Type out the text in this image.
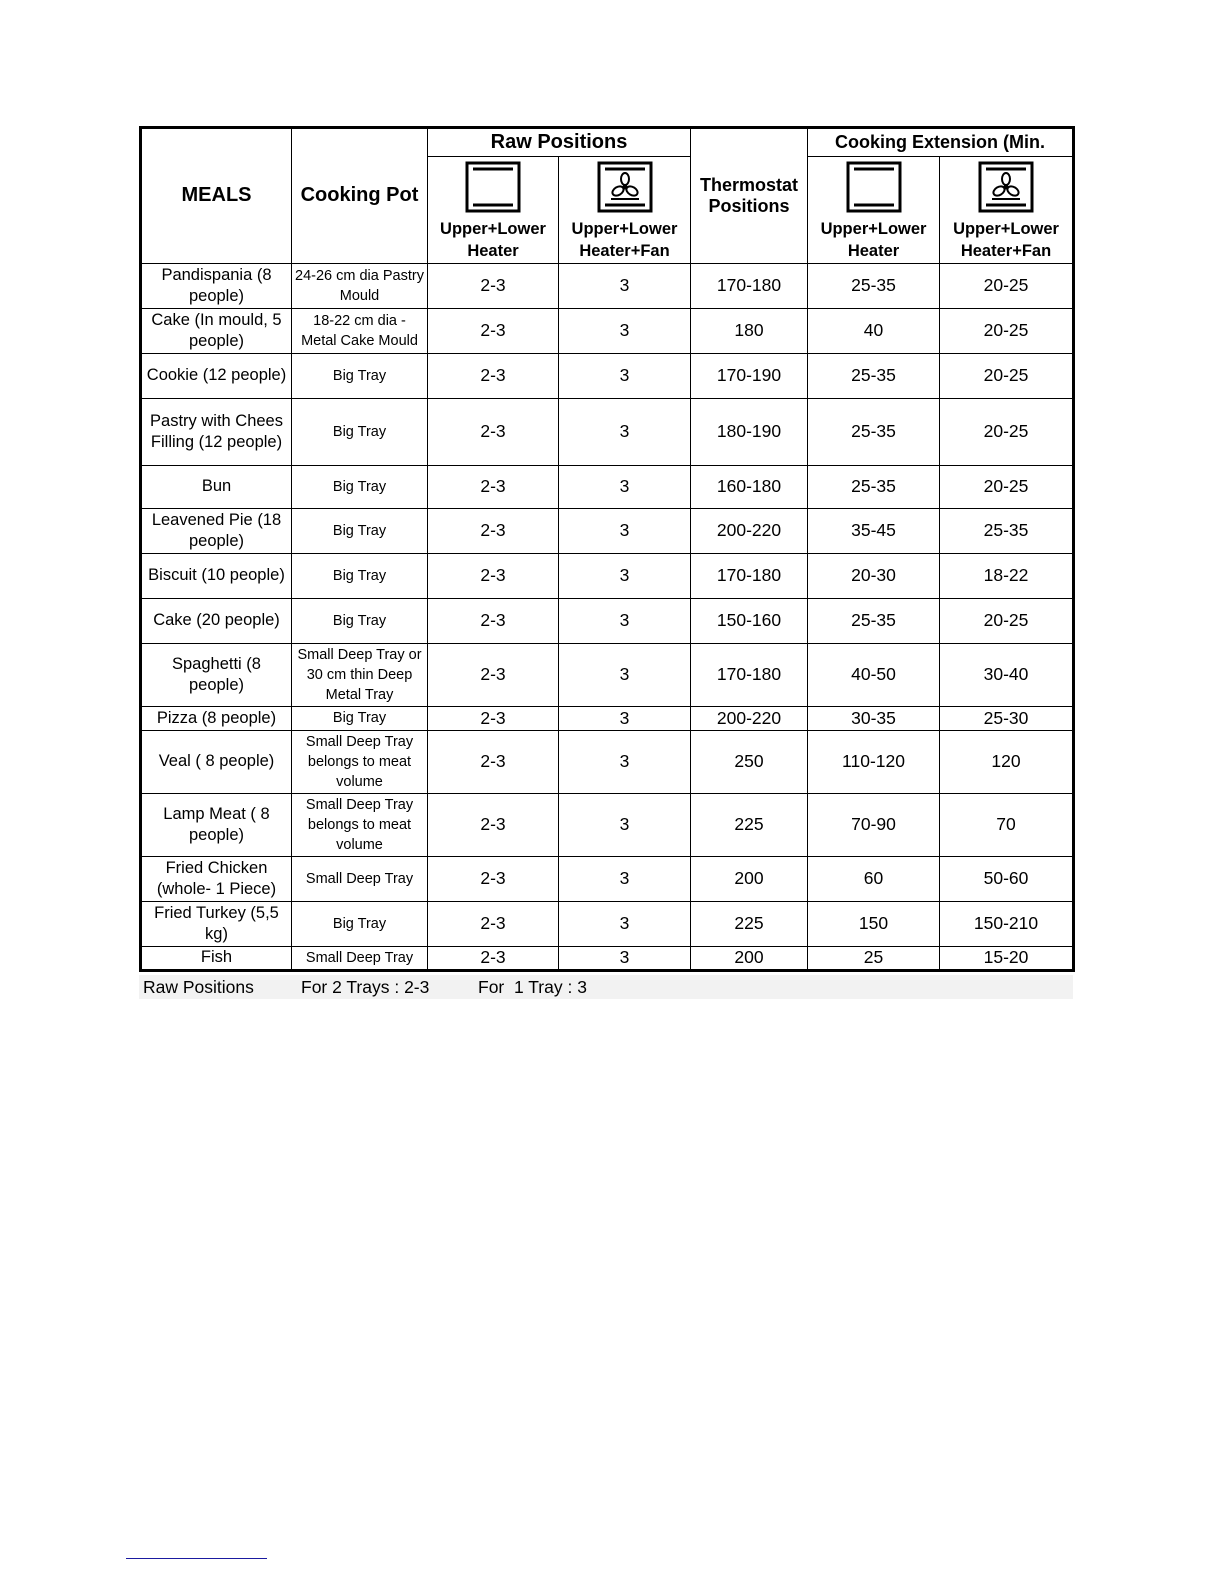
MEALS	Cooking Pot	Raw Positions		Thermostat Positions	Cooking Extension (Min.	

		Upper+Lower Heater	Upper+Lower Heater+Fan		Upper+Lower Heater	Upper+Lower Heater+Fan
Pandispania (8 people)	24-26 cm dia Pastry Mould	2-3	3	170-180	25-35	20-25
Cake (In mould, 5 people)	18-22 cm dia - Metal Cake Mould	2-3	3	180	40	20-25
Cookie (12 people)	Big Tray	2-3	3	170-190	25-35	20-25
Pastry with Chees Filling (12 people)	Big Tray	2-3	3	180-190	25-35	20-25
Bun	Big Tray	2-3	3	160-180	25-35	20-25
Leavened Pie (18 people)	Big Tray	2-3	3	200-220	35-45	25-35
Biscuit (10 people)	Big Tray	2-3	3	170-180	20-30	18-22
Cake (20 people)	Big Tray	2-3	3	150-160	25-35	20-25
Spaghetti (8 people)	Small Deep Tray or 30 cm thin Deep Metal Tray	2-3	3	170-180	40-50	30-40
Pizza (8 people)	Big Tray	2-3	3	200-220	30-35	25-30
Veal ( 8 people)	Small Deep Tray belongs to meat volume	2-3	3	250	110-120	120
Lamp Meat ( 8 people)	Small Deep Tray belongs to meat volume	2-3	3	225	70-90	70
Fried Chicken (whole- 1 Piece)	Small Deep Tray	2-3	3	200	60	50-60
Fried Turkey (5,5 kg)	Big Tray	2-3	3	225	150	150-210
Fish	Small Deep Tray	2-3	3	200	25	15-20
Raw Positions	For 2 Trays : 2-3	For  1 Tray : 3
